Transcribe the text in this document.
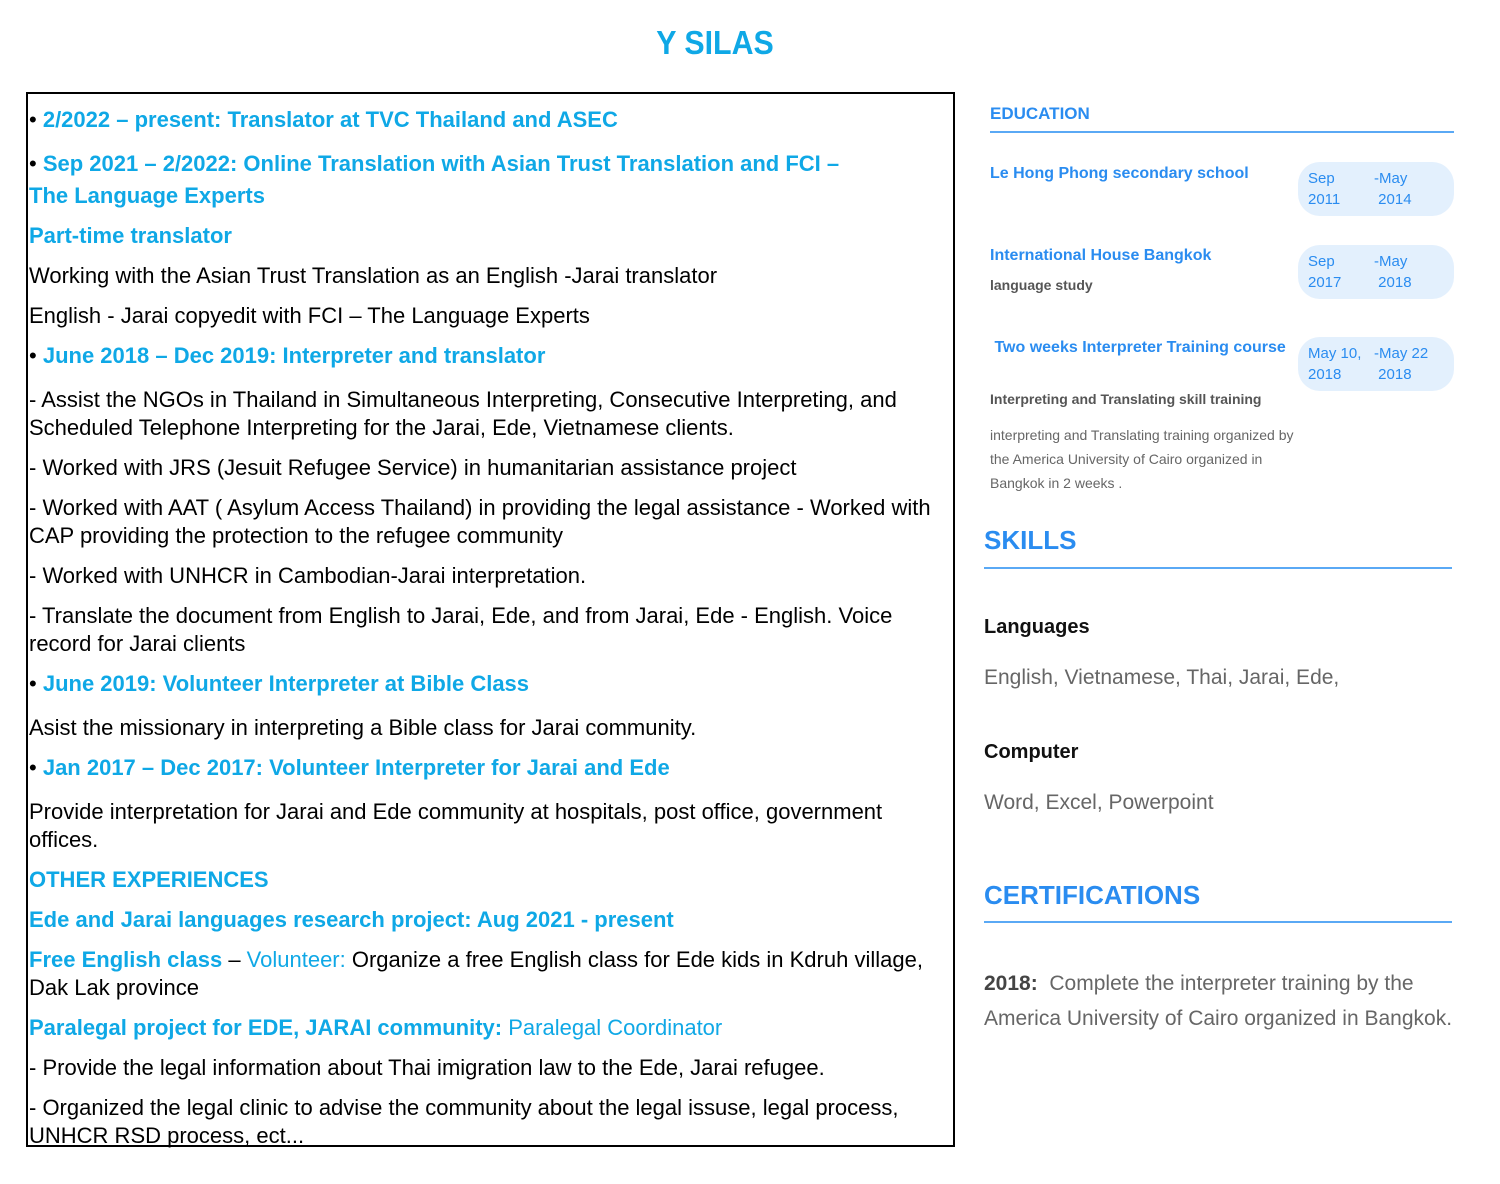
Y SILAS

• 2/2022 – present: Translator at TVC Thailand and ASEC

• Sep 2021 – 2/2022: Online Translation with Asian Trust Translation and FCI –

The Language Experts

Part-time translator

Working with the Asian Trust Translation as an English -Jarai translator

English - Jarai copyedit with FCI – The Language Experts

• June 2018 – Dec 2019: Interpreter and translator

- Assist the NGOs in Thailand in Simultaneous Interpreting, Consecutive Interpreting, and Scheduled Telephone Interpreting for the Jarai, Ede, Vietnamese clients.

- Worked with JRS (Jesuit Refugee Service) in humanitarian assistance project

- Worked with AAT ( Asylum Access Thailand) in providing the legal assistance - Worked with CAP providing the protection to the refugee community

- Worked with UNHCR in Cambodian-Jarai interpretation.

- Translate the document from English to Jarai, Ede, and from Jarai, Ede - English. Voice record for Jarai clients

• June 2019: Volunteer Interpreter at Bible Class

Asist the missionary in interpreting a Bible class for Jarai community.

• Jan 2017 – Dec 2017: Volunteer Interpreter for Jarai and Ede

Provide interpretation for Jarai and Ede community at hospitals, post office, government offices.

OTHER EXPERIENCES

Ede and Jarai languages research project: Aug 2021 - present

Free English class – Volunteer: Organize a free English class for Ede kids in Kdruh village, Dak Lak province

Paralegal project for EDE, JARAI community: Paralegal Coordinator

- Provide the legal information about Thai imigration law to the Ede, Jarai refugee.

- Organized the legal clinic to advise the community about the legal issuse, legal process, UNHCR RSD process, ect...

EDUCATION
Le Hong Phong secondary school	Sep
2011-May
2014
International House Bangkok
language study
Sep
2017-May
2018
Two weeks Interpreter Training course
Interpreting and Translating skill training
interpreting and Translating training organized by the America University of Cairo organized in Bangkok in 2 weeks .
May 10,
2018-May 22
2018
SKILLS
Languages
English, Vietnamese, Thai, Jarai, Ede,
Computer
Word, Excel, Powerpoint
CERTIFICATIONS
2018:  Complete the interpreter training by the America University of Cairo organized in Bangkok.
